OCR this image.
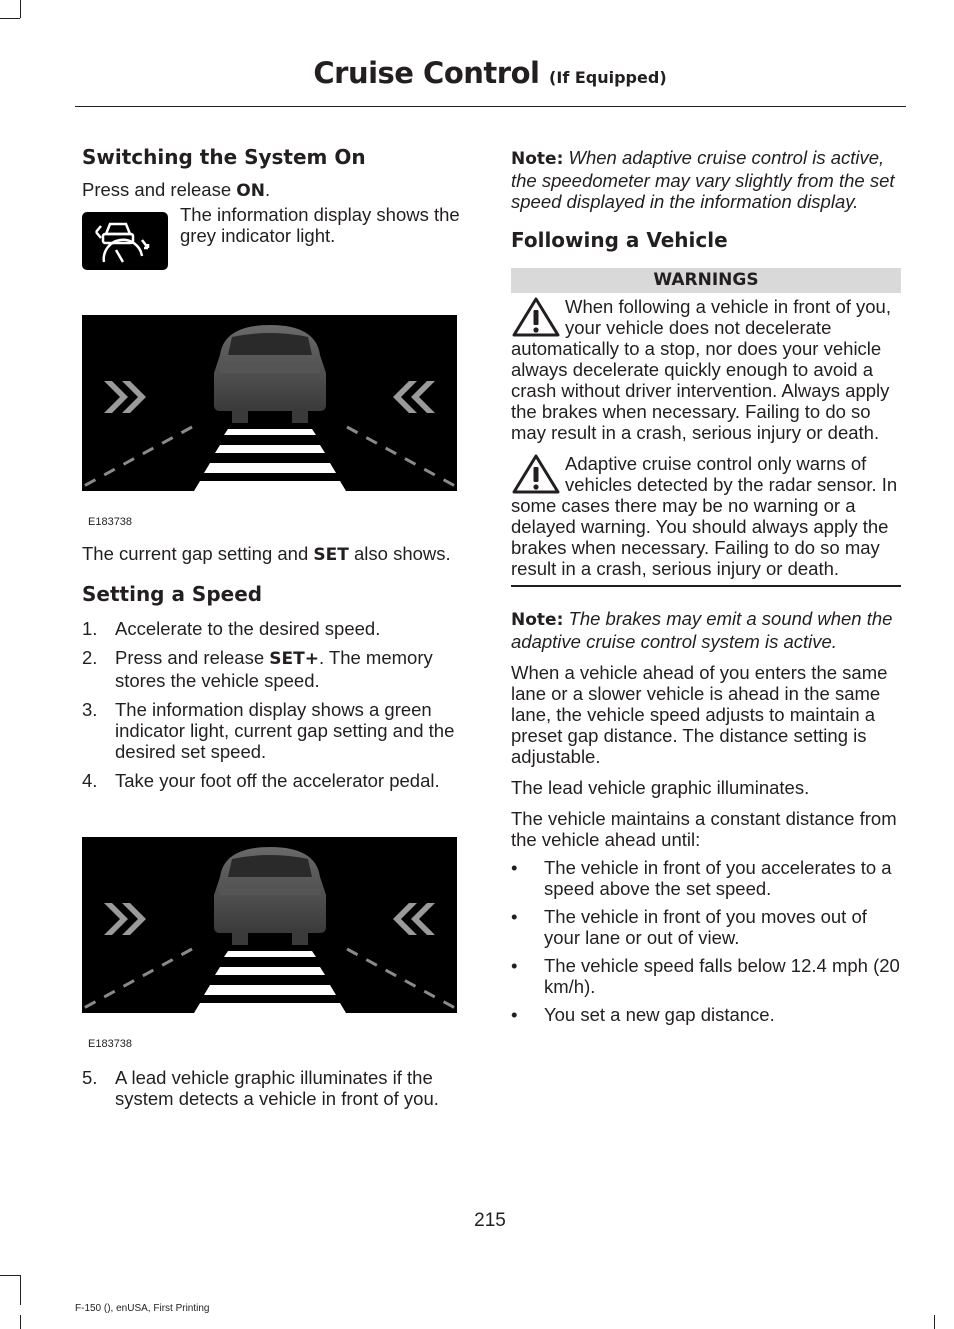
Cruise Control (If Equipped)
Switching the System On

Press and release ON.

The information display shows the grey indicator light.

E183738

The current gap setting and SET also shows.

Setting a Speed
1. Accelerate to the desired speed.
2. Press and release SET+. The memory stores the vehicle speed.
3. The information display shows a green indicator light, current gap setting and the desired set speed.
4. Take your foot off the accelerator pedal.

E183738

5. A lead vehicle graphic illuminates if the system detects a vehicle in front of you.

Note: When adaptive cruise control is active, the speedometer may vary slightly from the set speed displayed in the information display.

Following a Vehicle
WARNINGS

When following a vehicle in front of you, your vehicle does not decelerate automatically to a stop, nor does your vehicle always decelerate quickly enough to avoid a crash without driver intervention. Always apply the brakes when necessary. Failing to do so may result in a crash, serious injury or death.

Adaptive cruise control only warns of vehicles detected by the radar sensor. In some cases there may be no warning or a delayed warning. You should always apply the brakes when necessary. Failing to do so may result in a crash, serious injury or death.

Note: The brakes may emit a sound when the adaptive cruise control system is active.

When a vehicle ahead of you enters the same lane or a slower vehicle is ahead in the same lane, the vehicle speed adjusts to maintain a preset gap distance. The distance setting is adjustable.

The lead vehicle graphic illuminates.

The vehicle maintains a constant distance from the vehicle ahead until:

•	The vehicle in front of you accelerates to a speed above the set speed.
•	The vehicle in front of you moves out of your lane or out of view.
•	The vehicle speed falls below 12.4 mph (20 km/h).
•	You set a new gap distance.
215
F-150 (), enUSA, First Printing
